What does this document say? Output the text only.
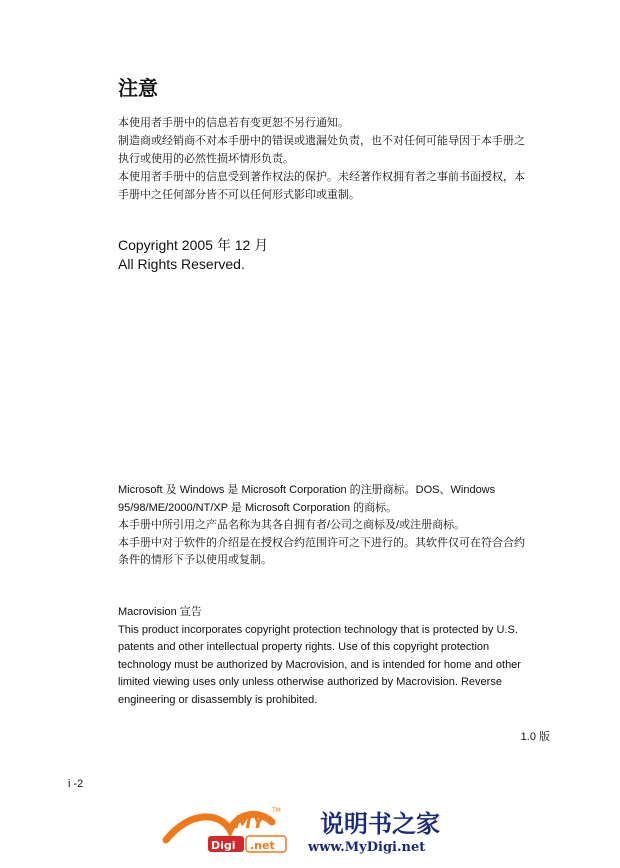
注意

本使用者手册中的信息若有变更恕不另行通知。

制造商或经销商不对本手册中的错误或遗漏处负责，也不对任何可能导因于本手册之

执行或使用的必然性损坏情形负责。

本使用者手册中的信息受到著作权法的保护。未经著作权拥有者之事前书面授权，本

手册中之任何部分皆不可以任何形式影印或重制。

Copyright 2005 年 12 月

All Rights Reserved.

Microsoft 及 Windows 是 Microsoft Corporation 的注册商标。DOS、Windows

95/98/ME/2000/NT/XP 是 Microsoft Corporation 的商标。

本手册中所引用之产品名称为其各自拥有者/公司之商标及/或注册商标。

本手册中对于软件的介绍是在授权合约范围许可之下进行的。其软件仅可在符合合约

条件的情形下予以使用或复制。

Macrovision 宣告

This product incorporates copyright protection technology that is protected by U.S.

patents and other intellectual property rights. Use of this copyright protection

technology must be authorized by Macrovision, and is intended for home and other

limited viewing uses only unless otherwise authorized by Macrovision. Reverse

engineering or disassembly is prohibited.

1.0 版

i -2

MY
TM
Digi .net
说明书之家
www.MyDigi.net
